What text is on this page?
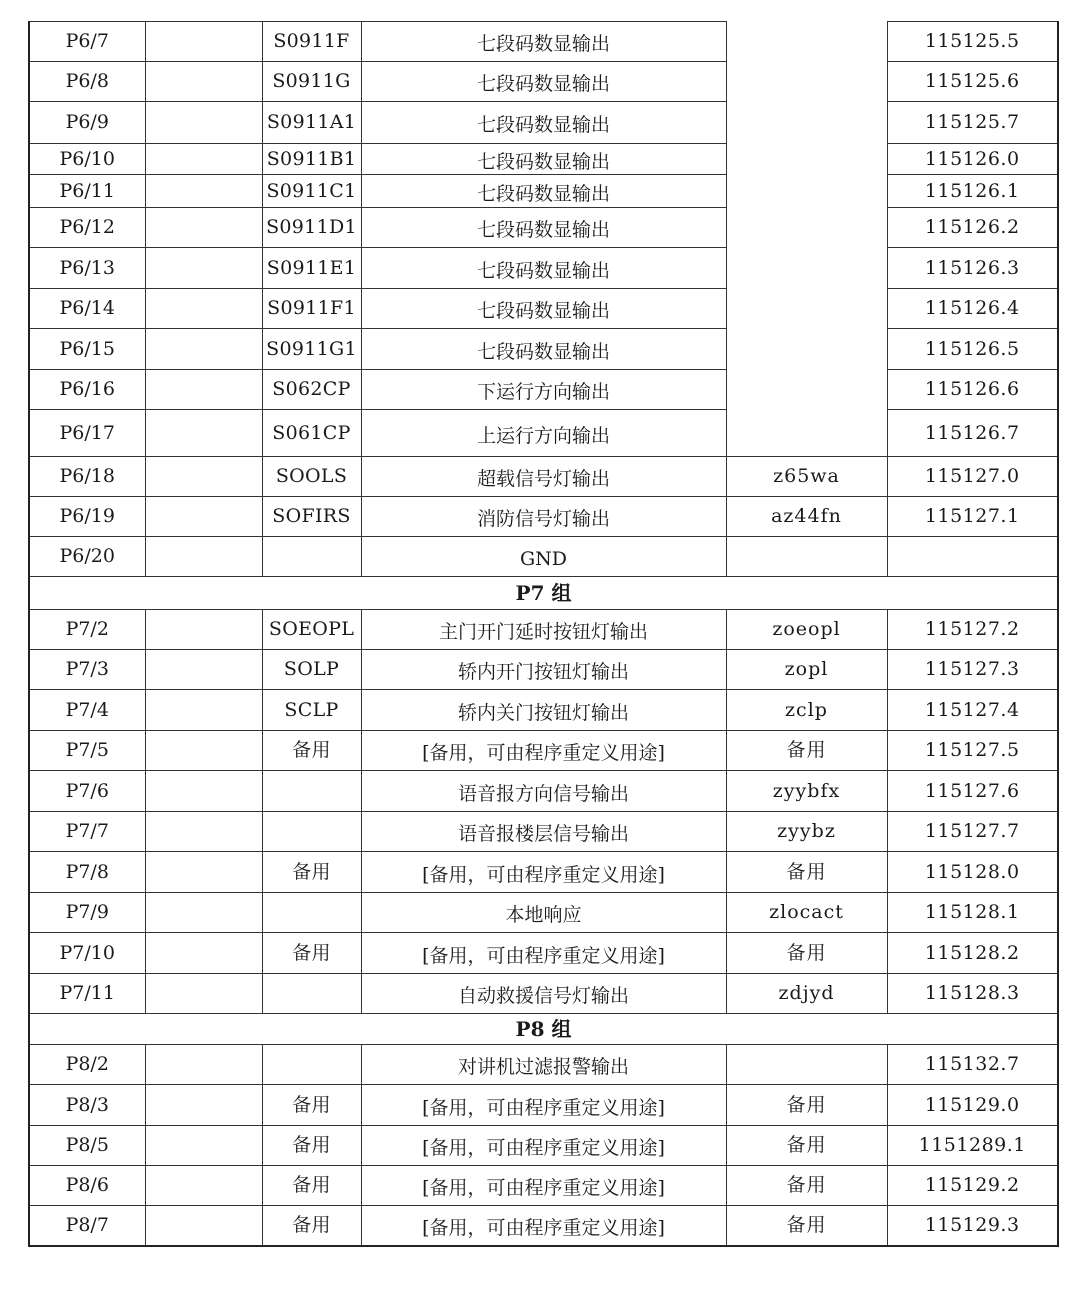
P6/7		S0911F	七段码数显输出		115125.5
P6/8		S0911G	七段码数显输出		115125.6
P6/9		S0911A1	七段码数显输出		115125.7
P6/10		S0911B1	七段码数显输出		115126.0
P6/11		S0911C1	七段码数显输出		115126.1
P6/12		S0911D1	七段码数显输出		115126.2
P6/13		S0911E1	七段码数显输出		115126.3
P6/14		S0911F1	七段码数显输出		115126.4
P6/15		S0911G1	七段码数显输出		115126.5
P6/16		S062CP	下运行方向输出		115126.6
P6/17		S061CP	上运行方向输出		115126.7
P6/18		SOOLS	超载信号灯输出	z65wa	115127.0
P6/19		SOFIRS	消防信号灯输出	az44fn	115127.1
P6/20			GND		
P7 组					
P7/2		SOEOPL	主门开门延时按钮灯输出	zoeopl	115127.2
P7/3		SOLP	轿内开门按钮灯输出	zopl	115127.3
P7/4		SCLP	轿内关门按钮灯输出	zclp	115127.4
P7/5		备用	[备用，可由程序重定义用途]	备用	115127.5
P7/6			语音报方向信号输出	zyybfx	115127.6
P7/7			语音报楼层信号输出	zyybz	115127.7
P7/8		备用	[备用，可由程序重定义用途]	备用	115128.0
P7/9			本地响应	zlocact	115128.1
P7/10		备用	[备用，可由程序重定义用途]	备用	115128.2
P7/11			自动救援信号灯输出	zdjyd	115128.3
P8 组					
P8/2			对讲机过滤报警输出		115132.7
P8/3		备用	[备用，可由程序重定义用途]	备用	115129.0
P8/5		备用	[备用，可由程序重定义用途]	备用	1151289.1
P8/6		备用	[备用，可由程序重定义用途]	备用	115129.2
P8/7		备用	[备用，可由程序重定义用途]	备用	115129.3
